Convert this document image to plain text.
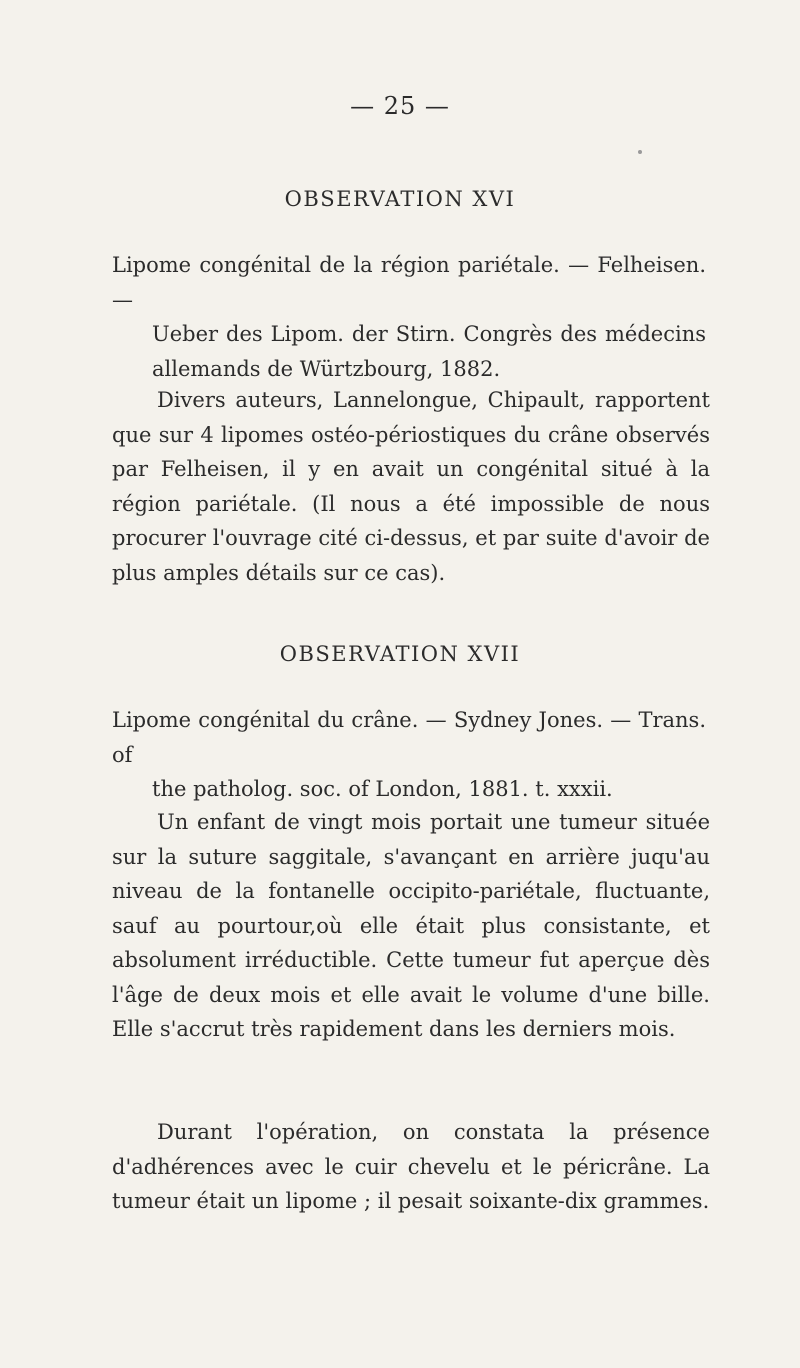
— 25 —
OBSERVATION XVI
Lipome congénital de la région pariétale. — Felheisen. —
Ueber des Lipom. der Stirn. Congrès des médecins allemands de Würtzbourg, 1882.
Divers auteurs, Lannelongue, Chipault, rapportent que sur 4 lipomes ostéo-périostiques du crâne observés par Felheisen, il y en avait un congénital situé à la région pariétale. (Il nous a été impossible de nous procurer l'ouvrage cité ci-dessus, et par suite d'avoir de plus amples détails sur ce cas).
OBSERVATION XVII
Lipome congénital du crâne. — Sydney Jones. — Trans. of
the patholog. soc. of London, 1881. t. xxxii.
Un enfant de vingt mois portait une tumeur située sur la suture saggitale, s'avançant en arrière juqu'au niveau de la fontanelle occipito-pariétale, fluctuante, sauf au pourtour,où elle était plus consistante, et absolument irréductible. Cette tumeur fut aperçue dès l'âge de deux mois et elle avait le volume d'une bille. Elle s'accrut très rapidement dans les derniers mois.
Durant l'opération, on constata la présence d'adhérences avec le cuir chevelu et le péricrâne. La tumeur était un lipome ; il pesait soixante-dix grammes.
